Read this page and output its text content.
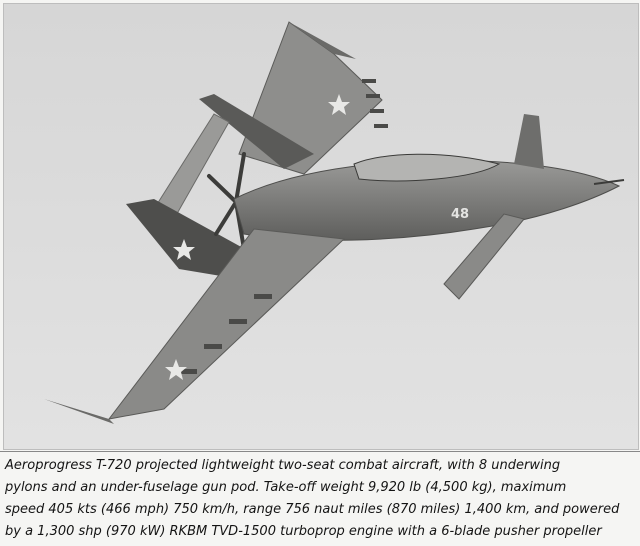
48
Aeroprogress T-720 projected lightweight two-seat combat aircraft, with 8 underwing
pylons and an under-fuselage gun pod. Take-off weight 9,920 lb (4,500 kg), maximum
speed 405 kts (466 mph) 750 km/h, range 756 naut miles (870 miles) 1,400 km, and powered
by a 1,300 shp (970 kW) RKBM TVD-1500 turboprop engine with a 6-blade pusher propeller
